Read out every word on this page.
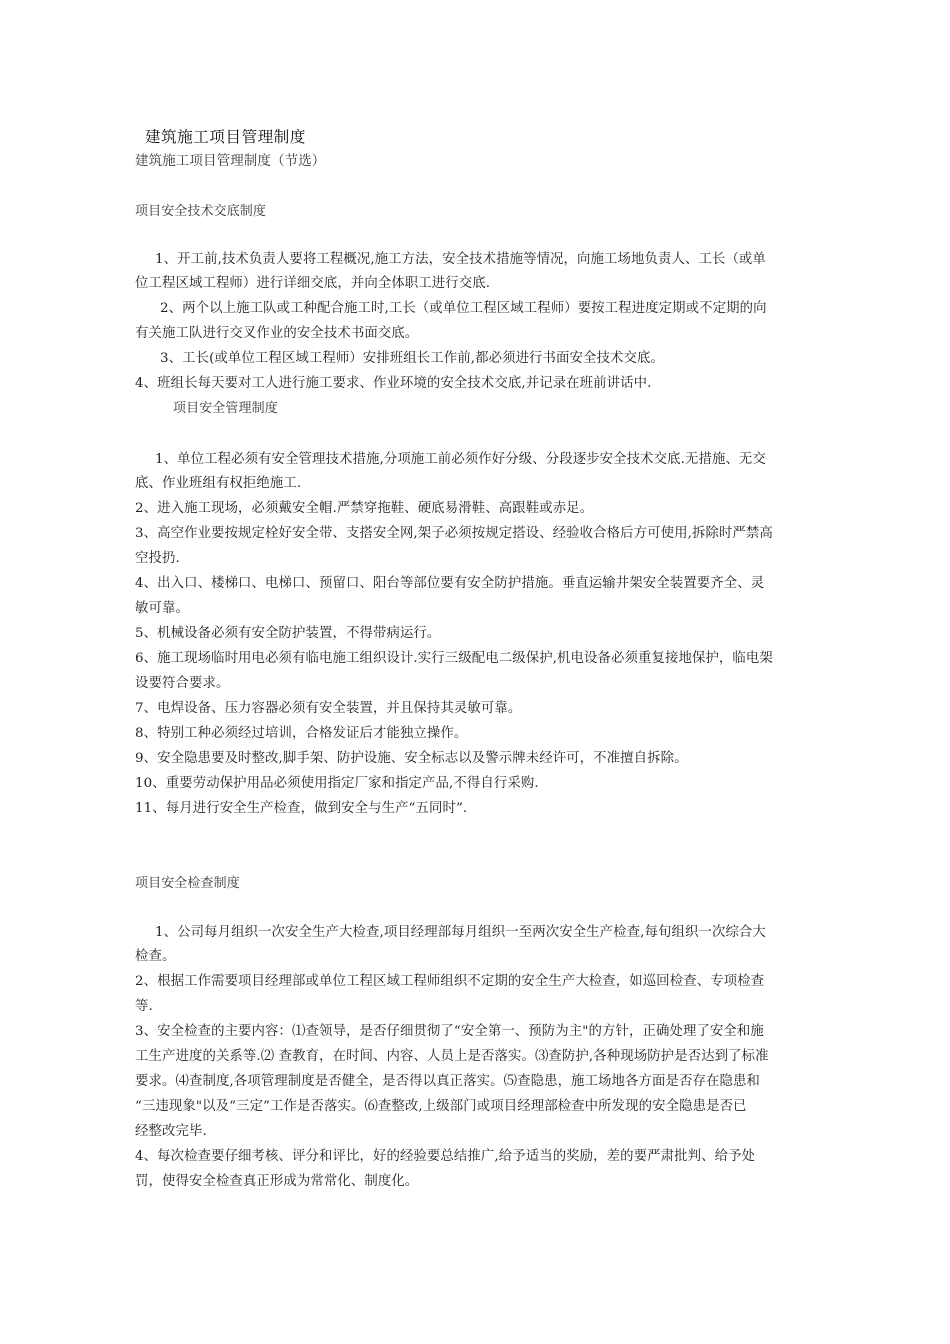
建筑施工项目管理制度
建筑施工项目管理制度（节选）
项目安全技术交底制度
1、开工前,技术负责人要将工程概况,施工方法，安全技术措施等情况，向施工场地负责人、工长（或单
位工程区域工程师）进行详细交底，并向全体职工进行交底.
2、两个以上施工队或工种配合施工时,工长（或单位工程区域工程师）要按工程进度定期或不定期的向
有关施工队进行交叉作业的安全技术书面交底。
3、工长(或单位工程区域工程师）安排班组长工作前,都必须进行书面安全技术交底。
4、班组长每天要对工人进行施工要求、作业环境的安全技术交底,并记录在班前讲话中.
项目安全管理制度
1、单位工程必须有安全管理技术措施,分项施工前必须作好分级、分段逐步安全技术交底.无措施、无交
底、作业班组有权拒绝施工.
2、进入施工现场，必须戴安全帽.严禁穿拖鞋、硬底易滑鞋、高跟鞋或赤足。
3、高空作业要按规定栓好安全带、支搭安全网,架子必须按规定搭设、经验收合格后方可使用,拆除时严禁高
空投扔.
4、出入口、楼梯口、电梯口、预留口、阳台等部位要有安全防护措施。垂直运输井架安全装置要齐全、灵
敏可靠。
5、机械设备必须有安全防护装置，不得带病运行。
6、施工现场临时用电必须有临电施工组织设计.实行三级配电二级保护,机电设备必须重复接地保护，临电架
设要符合要求。
7、电焊设备、压力容器必须有安全装置，并且保持其灵敏可靠。
8、特别工种必须经过培训，合格发证后才能独立操作。
9、安全隐患要及时整改,脚手架、防护设施、安全标志以及警示牌未经许可，不准擅自拆除。
10、重要劳动保护用品必须使用指定厂家和指定产品,不得自行采购.
11、每月进行安全生产检查，做到安全与生产“五同时”.
项目安全检查制度
1、公司每月组织一次安全生产大检查,项目经理部每月组织一至两次安全生产检查,每旬组织一次综合大
检查。
2、根据工作需要项目经理部或单位工程区域工程师组织不定期的安全生产大检查，如巡回检查、专项检查
等.
3、安全检查的主要内容：⑴查领导，是否仔细贯彻了“安全第一、预防为主"的方针，正确处理了安全和施
工生产进度的关系等.⑵ 查教育，在时间、内容、人员上是否落实。⑶查防护,各种现场防护是否达到了标准
要求。⑷查制度,各项管理制度是否健全，是否得以真正落实。⑸查隐患，施工场地各方面是否存在隐患和
“三违现象"以及“三定”工作是否落实。⑹查整改,上级部门或项目经理部检查中所发现的安全隐患是否已
经整改完毕.
4、每次检查要仔细考核、评分和评比，好的经验要总结推广,给予适当的奖励，差的要严肃批判、给予处
罚，使得安全检查真正形成为常常化、制度化。
